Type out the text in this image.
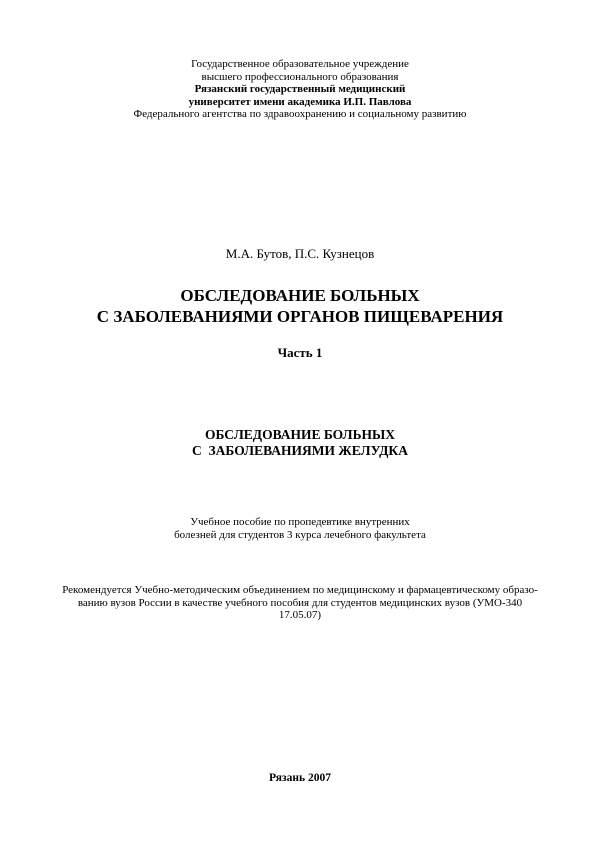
Государственное образовательное учреждение
высшего профессионального образования
Рязанский государственный медицинский
университет имени академика И.П. Павлова
Федерального агентства по здравоохранению и социальному развитию
М.А. Бутов, П.С. Кузнецов
ОБСЛЕДОВАНИЕ БОЛЬНЫХ
С ЗАБОЛЕВАНИЯМИ ОРГАНОВ ПИЩЕВАРЕНИЯ
Часть 1
ОБСЛЕДОВАНИЕ БОЛЬНЫХ
С  ЗАБОЛЕВАНИЯМИ ЖЕЛУДКА
Учебное пособие по пропедевтике внутренних
болезней для студентов 3 курса лечебного факультета
Рекомендуется Учебно-методическим объединением по медицинскому и фармацевтическому образо-
ванию вузов России в качестве учебного пособия для студентов медицинских вузов (УМО-340
17.05.07)
Рязань 2007
